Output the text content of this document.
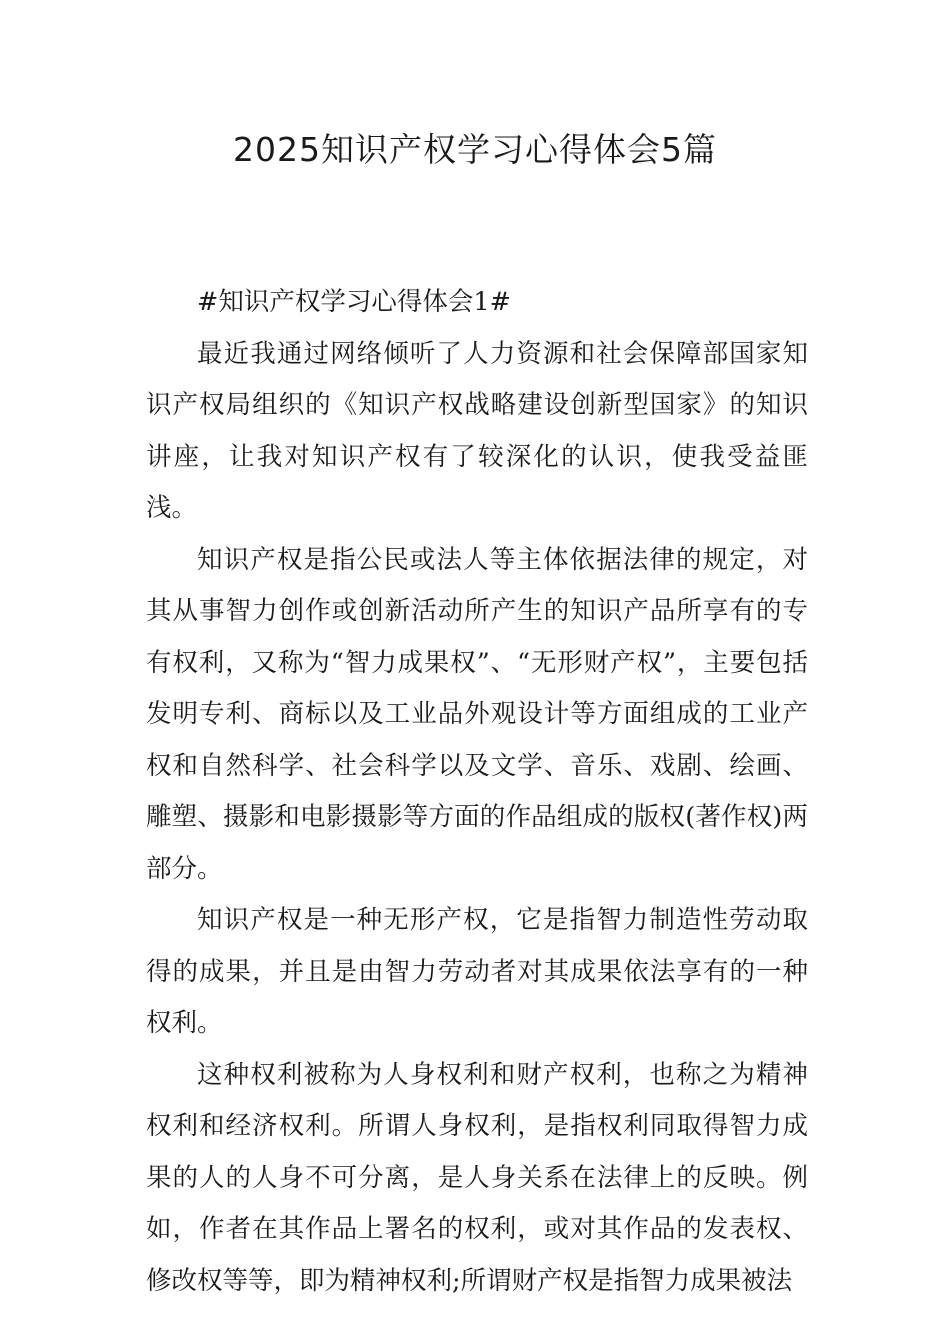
2025知识产权学习心得体会5篇

#知识产权学习心得体会1#

最近我通过网络倾听了人力资源和社会保障部国家知识产权局组织的《知识产权战略建设创新型国家》的知识讲座，让我对知识产权有了较深化的认识，使我受益匪浅。

知识产权是指公民或法人等主体依据法律的规定，对其从事智力创作或创新活动所产生的知识产品所享有的专有权利，又称为“智力成果权”、“无形财产权”，主要包括发明专利、商标以及工业品外观设计等方面组成的工业产权和自然科学、社会科学以及文学、音乐、戏剧、绘画、雕塑、摄影和电影摄影等方面的作品组成的版权(著作权)两部分。

知识产权是一种无形产权，它是指智力制造性劳动取得的成果，并且是由智力劳动者对其成果依法享有的一种权利。

这种权利被称为人身权利和财产权利，也称之为精神权利和经济权利。所谓人身权利，是指权利同取得智力成果的人的人身不可分离，是人身关系在法律上的反映。例如，作者在其作品上署名的权利，或对其作品的发表权、修改权等等，即为精神权利;所谓财产权是指智力成果被法
